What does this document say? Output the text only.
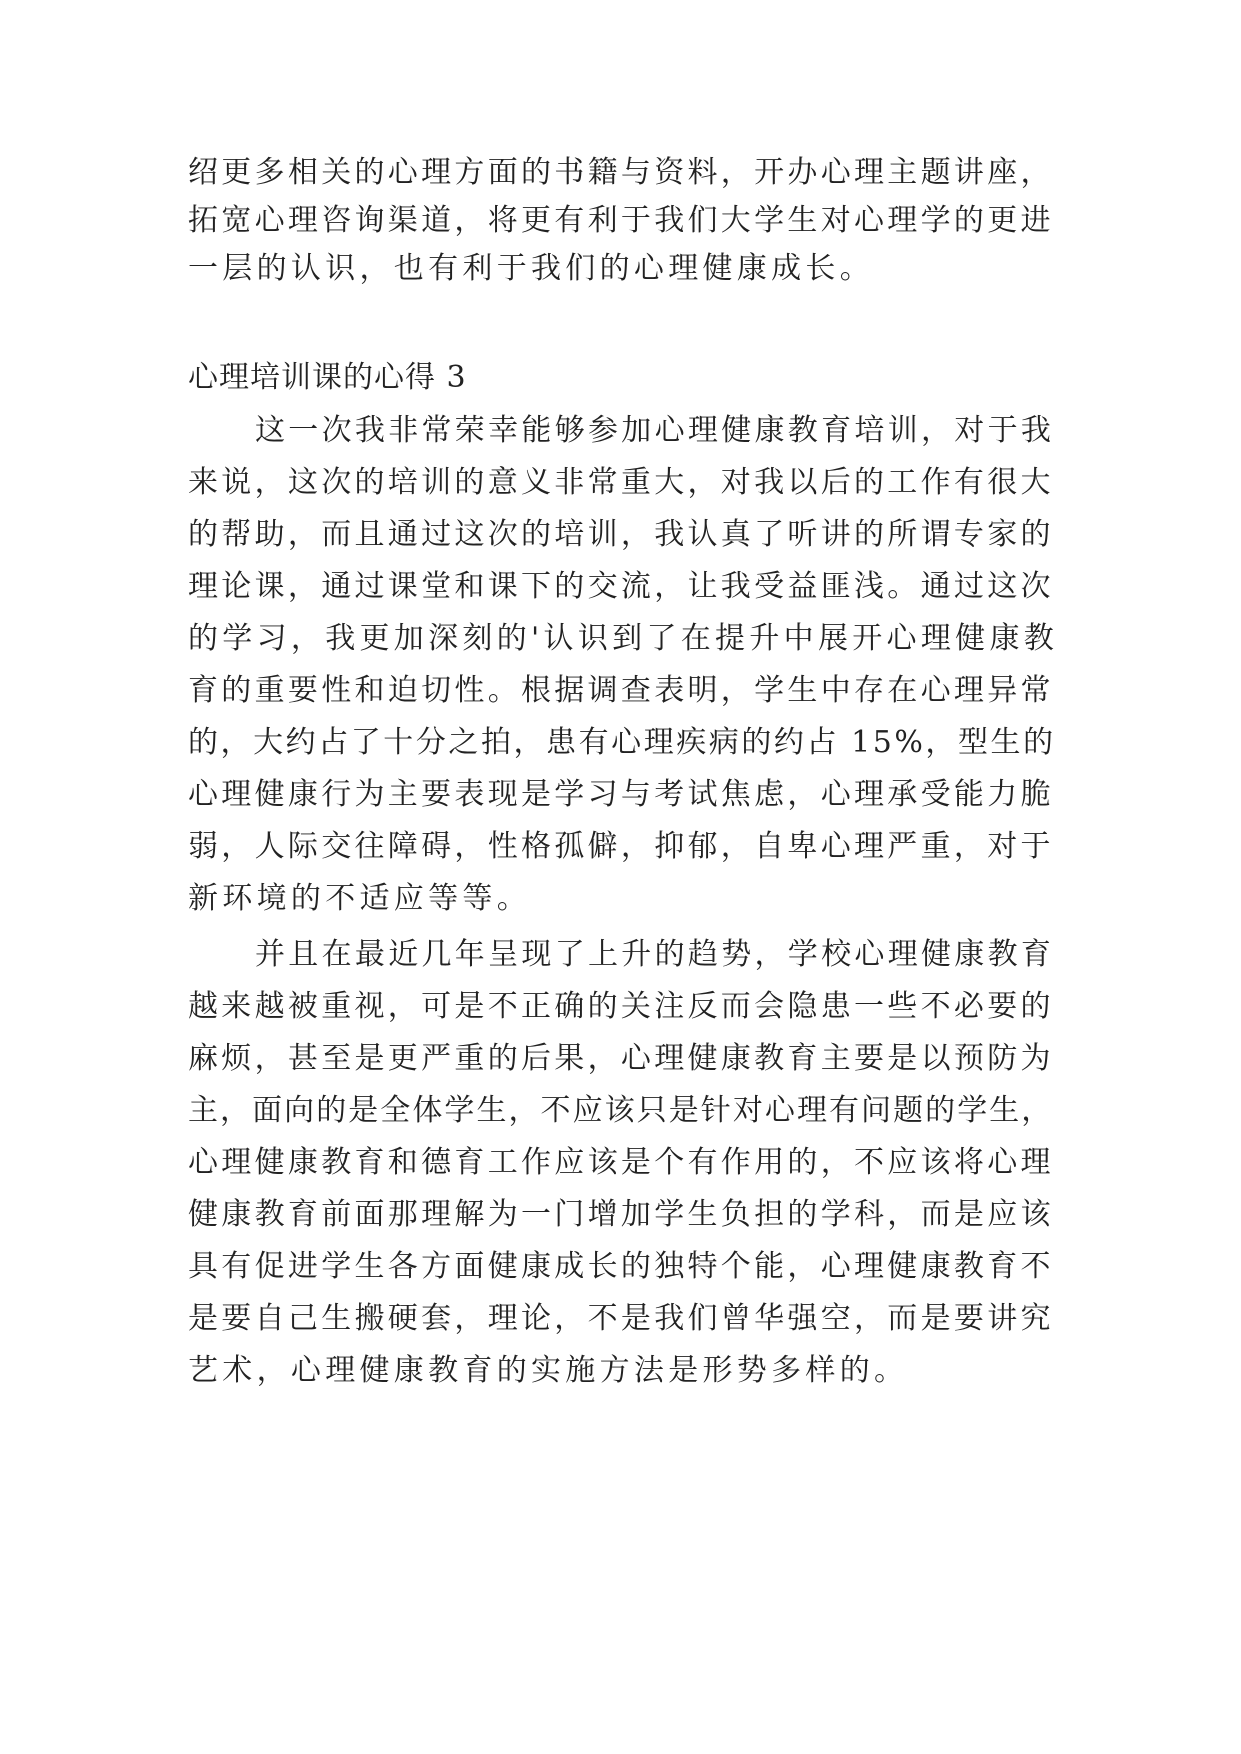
绍更多相关的心理方面的书籍与资料，开办心理主题讲座，
拓宽心理咨询渠道，将更有利于我们大学生对心理学的更进
一层的认识，也有利于我们的心理健康成长。
心理培训课的心得 3
这一次我非常荣幸能够参加心理健康教育培训，对于我
来说，这次的培训的意义非常重大，对我以后的工作有很大
的帮助，而且通过这次的培训，我认真了听讲的所谓专家的
理论课，通过课堂和课下的交流，让我受益匪浅。通过这次
的学习，我更加深刻的'认识到了在提升中展开心理健康教
育的重要性和迫切性。根据调查表明，学生中存在心理异常
的，大约占了十分之拍，患有心理疾病的约占 15%，型生的
心理健康行为主要表现是学习与考试焦虑，心理承受能力脆
弱，人际交往障碍，性格孤僻，抑郁，自卑心理严重，对于
新环境的不适应等等。
并且在最近几年呈现了上升的趋势，学校心理健康教育
越来越被重视，可是不正确的关注反而会隐患一些不必要的
麻烦，甚至是更严重的后果，心理健康教育主要是以预防为
主，面向的是全体学生，不应该只是针对心理有问题的学生，
心理健康教育和德育工作应该是个有作用的，不应该将心理
健康教育前面那理解为一门增加学生负担的学科，而是应该
具有促进学生各方面健康成长的独特个能，心理健康教育不
是要自己生搬硬套，理论，不是我们曾华强空，而是要讲究
艺术，心理健康教育的实施方法是形势多样的。
